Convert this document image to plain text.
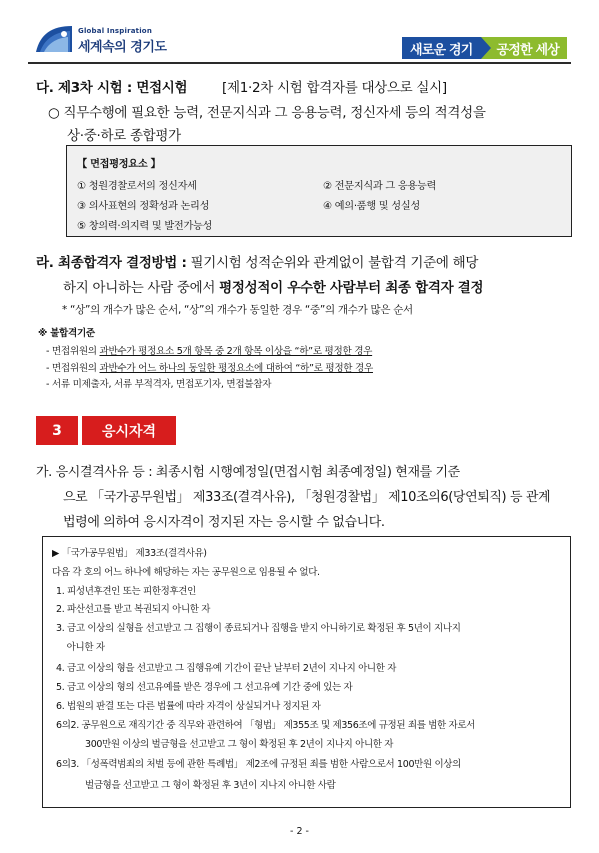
Global Inspiration
세계속의 경기도	새로운 경기	공정한 세상
다. 제3차 시험 : 면접시험	[제1·2차 시험 합격자를 대상으로 실시]
○ 직무수행에 필요한 능력, 전문지식과 그 응용능력, 정신자세 등의 적격성을
상·중·하로 종합평가
【 면접평정요소 】
① 청원경찰로서의 정신자세	② 전문지식과 그 응용능력
③ 의사표현의 정확성과 논리성	④ 예의·품행 및 성실성
⑤ 창의력·의지력 및 발전가능성
라. 최종합격자 결정방법 : 필기시험 성적순위와 관계없이 불합격 기준에 해당
하지 아니하는 사람 중에서 평정성적이 우수한 사람부터 최종 합격자 결정
* “상”의 개수가 많은 순서, “상”의 개수가 동일한 경우 “중”의 개수가 많은 순서
※ 불합격기준
- 면접위원의 과반수가 평정요소 5개 항목 중 2개 항목 이상을 “하”로 평정한 경우
- 면접위원의 과반수가 어느 하나의 동일한 평정요소에 대하여 “하”로 평정한 경우
- 서류 미제출자, 서류 부적격자, 면접포기자, 면접불참자
3	응시자격
가. 응시결격사유 등 : 최종시험 시행예정일(면접시험 최종예정일) 현재를 기준
으로 「국가공무원법」 제33조(결격사유), 「청원경찰법」 제10조의6(당연퇴직) 등 관계
법령에 의하여 응시자격이 정지된 자는 응시할 수 없습니다.
▶ 「국가공무원법」 제33조(결격사유)
다음 각 호의 어느 하나에 해당하는 자는 공무원으로 임용될 수 없다.
1. 피성년후견인 또는 피한정후견인
2. 파산선고를 받고 복권되지 아니한 자
3. 금고 이상의 실형을 선고받고 그 집행이 종료되거나 집행을 받지 아니하기로 확정된 후 5년이 지나지
아니한 자
4. 금고 이상의 형을 선고받고 그 집행유예 기간이 끝난 날부터 2년이 지나지 아니한 자
5. 금고 이상의 형의 선고유예를 받은 경우에 그 선고유예 기간 중에 있는 자
6. 법원의 판결 또는 다른 법률에 따라 자격이 상실되거나 정지된 자
6의2. 공무원으로 재직기간 중 직무와 관련하여 「형법」 제355조 및 제356조에 규정된 죄를 범한 자로서
300만원 이상의 벌금형을 선고받고 그 형이 확정된 후 2년이 지나지 아니한 자
6의3. 「성폭력범죄의 처벌 등에 관한 특례법」 제2조에 규정된 죄를 범한 사람으로서 100만원 이상의
벌금형을 선고받고 그 형이 확정된 후 3년이 지나지 아니한 사람
- 2 -
